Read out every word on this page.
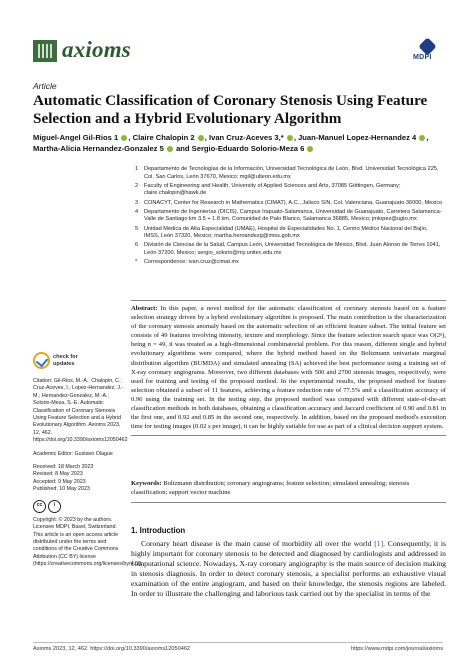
axioms	MDPI
Article
Automatic Classification of Coronary Stenosis Using Feature Selection and a Hybrid Evolutionary Algorithm
Miguel-Angel Gil-Rios 1 , Claire Chalopin 2 , Ivan Cruz-Aceves 3,* , Juan-Manuel Lopez-Hernandez 4 , Martha-Alicia Hernandez-Gonzalez 5 and Sergio-Eduardo Solorio-Meza 6
1	Departamento de Tecnologías de la Información, Universidad Tecnológica de León, Blvd. Universidad Tecnológica 225, Col. San Carlos, León 37670, Mexico; mgil@utleon.edu.mx
2	Faculty of Engineering and Health, University of Applied Sciences and Arts, 37085 Göttingen, Germany; claire.chalopin@hawk.de
3	CONACYT, Center for Research in Mathematics (CIMAT), A.C., Jalisco S/N, Col. Valenciana, Guanajuato 36000, Mexico
4	Departamento de Ingenierías (DICIS), Campus Irapuato-Salamanca, Universidad de Guanajuato, Carretera Salamanca-Valle de Santiago km 3.5 + 1.8 km, Comunidad de Palo Blanco, Salamanca 36885, Mexico; jmlopez@ugto.mx
5	Unidad Médica de Alta Especialidad (UMAE), Hospital de Especialidades No. 1, Centro Médico Nacional del Bajío, IMSS, León 37320, Mexico; martha.hernandezg@imss.gob.mx
6	División de Ciencias de la Salud, Campus León, Universidad Tecnológica de México, Blvd. Juan Alonso de Torres 1041, León 37200, Mexico; sergio_solorio@my.unitec.edu.mx
*	Correspondence: ivan.cruz@cimat.mx

Abstract: In this paper, a novel method for the automatic classification of coronary stenosis based on a feature selection strategy driven by a hybrid evolutionary algorithm is proposed. The main contribution is the characterization of the coronary stenosis anomaly based on the automatic selection of an efficient feature subset. The initial feature set consists of 49 features involving intensity, texture and morphology. Since the feature selection search space was O(2ⁿ), being n = 49, it was treated as a high-dimensional combinatorial problem. For this reason, different single and hybrid evolutionary algorithms were compared, where the hybrid method based on the Boltzmann univariate marginal distribution algorithm (BUMDA) and simulated annealing (SA) achieved the best performance using a training set of X-ray coronary angiograms. Moreover, two different databases with 500 and 2700 stenosis images, respectively, were used for training and testing of the proposed method. In the experimental results, the proposed method for feature selection obtained a subset of 11 features, achieving a feature reduction rate of 77.5% and a classification accuracy of 0.96 using the training set. In the testing step, the proposed method was compared with different state-of-the-art classification methods in both databases, obtaining a classification accuracy and Jaccard coefficient of 0.90 and 0.81 in the first one, and 0.92 and 0.85 in the second one, respectively. In addition, based on the proposed method's execution time for testing images (0.02 s per image), it can be highly suitable for use as part of a clinical decision support system.

Keywords: Boltzmann distribution; coronary angiograms; feature selection; simulated annealing; stenosis classification; support vector machine
check for
updates
Citation: Gil-Rios, M.-A.; Chalopin, C.; Cruz-Aceves, I.; Lopez-Hernandez, J.-M.; Hernandez-Gonzalez, M.-A.; Solorio-Meza, S.-E. Automatic Classification of Coronary Stenosis Using Feature Selection and a Hybrid Evolutionary Algorithm. Axioms 2023, 12, 462. https://doi.org/10.3390/axioms12050462
Academic Editor: Gustavo Olague
Received: 18 March 2023
Revised: 8 May 2023
Accepted: 9 May 2023
Published: 10 May 2023
cc	i
Copyright: © 2023 by the authors. Licensee MDPI, Basel, Switzerland. This article is an open access article distributed under the terms and conditions of the Creative Commons Attribution (CC BY) license (https://creativecommons.org/licenses/by/4.0/).
1. Introduction

Coronary heart disease is the main cause of morbidity all over the world [1]. Consequently, it is highly important for coronary stenosis to be detected and diagnosed by cardiologists and addressed in computational science. Nowadays, X-ray coronary angiography is the main source of decision making in stenosis diagnosis. In order to detect coronary stenosis, a specialist performs an exhaustive visual examination of the entire angiogram, and based on their knowledge, the stenosis regions are labeled. In order to illustrate the challenging and laborious task carried out by the specialist in terms of the

Axioms 2023, 12, 462. https://doi.org/10.3390/axioms12050462	https://www.mdpi.com/journal/axioms
